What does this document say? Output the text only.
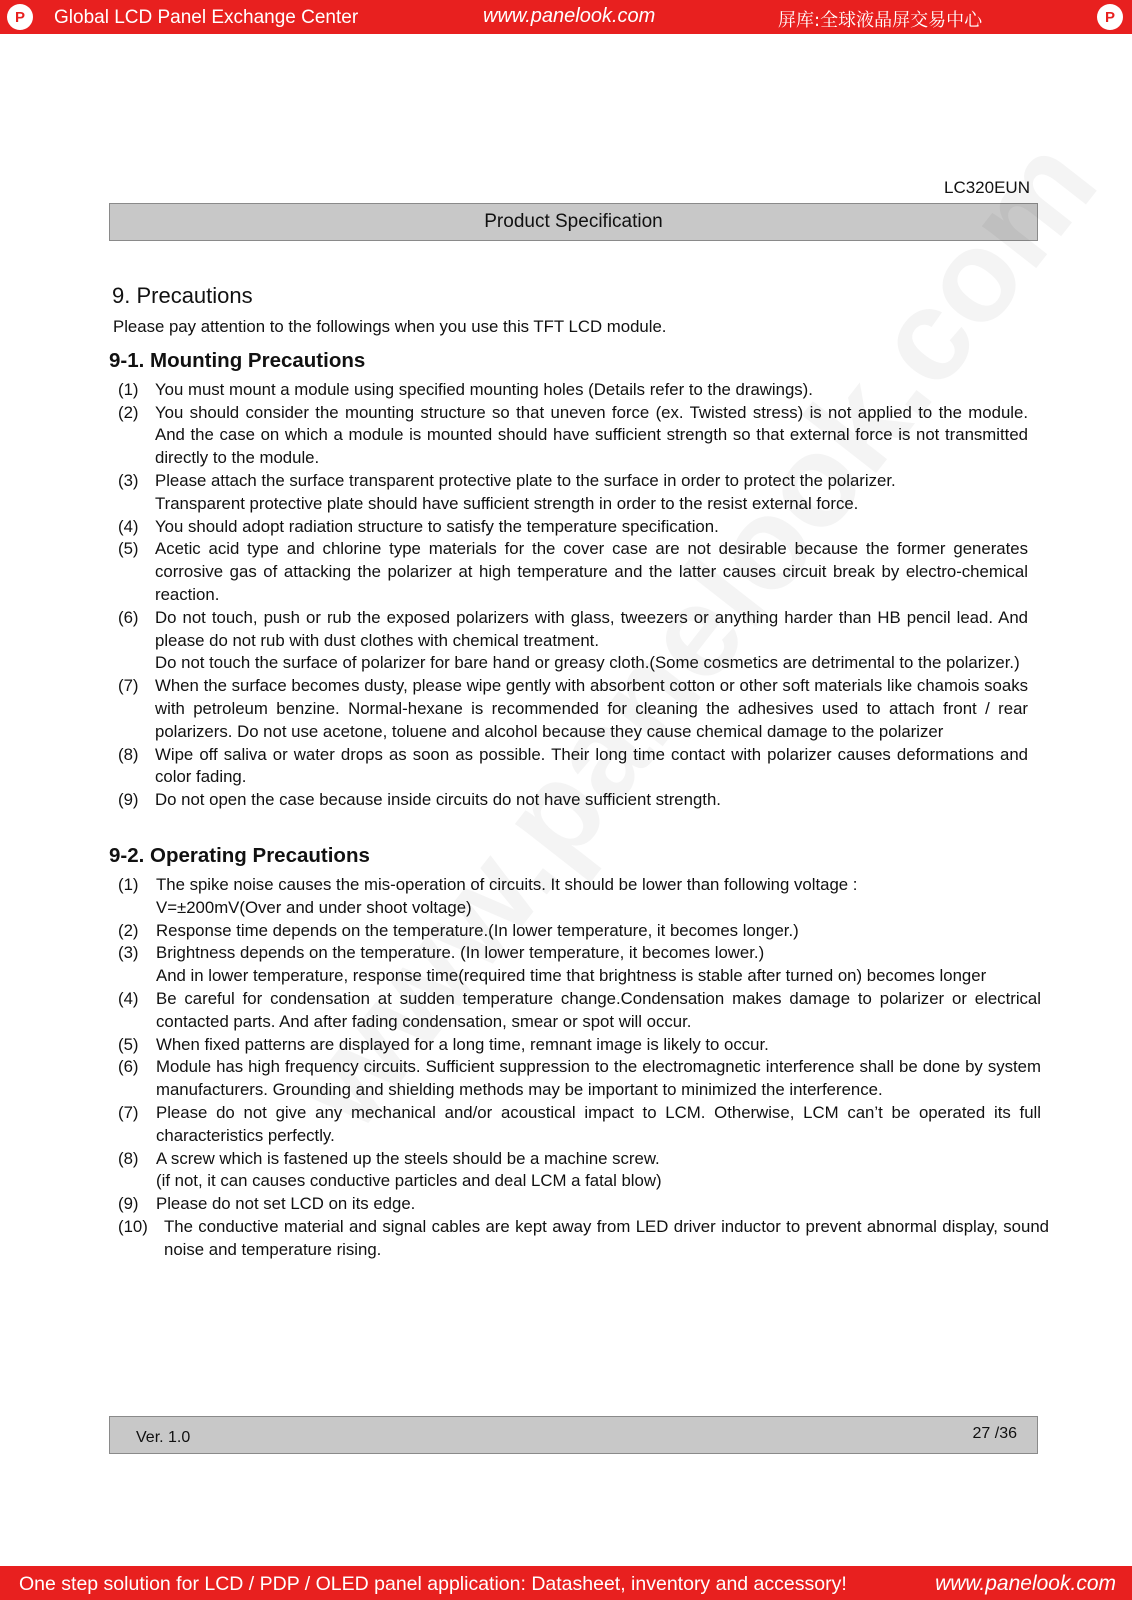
P Global LCD Panel Exchange Center	www.panelook.com	屏库:全球液晶屏交易中心	P
LC320EUN
Product Specification
9. Precautions
Please pay attention to the followings when you use this TFT LCD module.
9-1. Mounting Precautions
(1) You must mount a module using specified mounting holes (Details refer to the drawings).
(2) You should consider the mounting structure so that uneven force (ex. Twisted stress) is not applied to the module. And the case on which a module is mounted should have sufficient strength so that external force is not transmitted directly to the module.
(3) Please attach the surface transparent protective plate to the surface in order to protect the polarizer.
Transparent protective plate should have sufficient strength in order to the resist external force.
(4) You should adopt radiation structure to satisfy the temperature specification.
(5) Acetic acid type and chlorine type materials for the cover case are not desirable because the former generates corrosive gas of attacking the polarizer at high temperature and the latter causes circuit break by electro-chemical reaction.
(6) Do not touch, push or rub the exposed polarizers with glass, tweezers or anything harder than HB pencil lead. And please do not rub with dust clothes with chemical treatment.
Do not touch the surface of polarizer for bare hand or greasy cloth.(Some cosmetics are detrimental to the polarizer.)
(7) When the surface becomes dusty, please wipe gently with absorbent cotton or other soft materials like chamois soaks with petroleum benzine. Normal-hexane is recommended for cleaning the adhesives used to attach front / rear polarizers. Do not use acetone, toluene and alcohol because they cause chemical damage to the polarizer
(8) Wipe off saliva or water drops as soon as possible. Their long time contact with polarizer causes deformations and color fading.
(9) Do not open the case because inside circuits do not have sufficient strength.
9-2. Operating Precautions
(1) The spike noise causes the mis-operation of circuits. It should be lower than following voltage :
V=±200mV(Over and under shoot voltage)
(2) Response time depends on the temperature.(In lower temperature, it becomes longer.)
(3) Brightness depends on the temperature. (In lower temperature, it becomes lower.)
And in lower temperature, response time(required time that brightness is stable after turned on) becomes longer
(4) Be careful for condensation at sudden temperature change.Condensation makes damage to polarizer or electrical contacted parts. And after fading condensation, smear or spot will occur.
(5) When fixed patterns are displayed for a long time, remnant image is likely to occur.
(6) Module has high frequency circuits. Sufficient suppression to the electromagnetic interference shall be done by system manufacturers. Grounding and shielding methods may be important to minimized the interference.
(7) Please do not give any mechanical and/or acoustical impact to LCM. Otherwise, LCM can’t be operated its full characteristics perfectly.
(8) A screw which is fastened up the steels should be a machine screw.
(if not, it can causes conductive particles and deal LCM a fatal blow)
(9) Please do not set LCD on its edge.
(10) The conductive material and signal cables are kept away from LED driver inductor to prevent abnormal display, sound noise and temperature rising.
Ver. 1.0	27 /36
One step solution for LCD / PDP / OLED panel application: Datasheet, inventory and accessory!	www.panelook.com
